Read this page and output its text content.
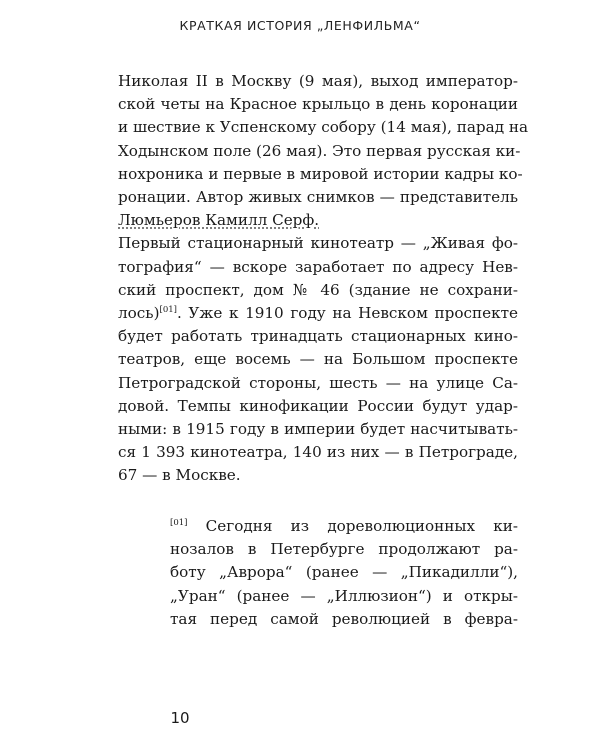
КРАТКАЯ ИСТОРИЯ „ЛЕНФИЛЬМА“
Николая II в Москву (9 мая), выход император-
ской четы на Красное крыльцо в день коронации
и шествие к Успенскому собору (14 мая), парад на
Ходынском поле (26 мая). Это первая русская ки-
нохроника и первые в мировой истории кадры ко-
ронации. Автор живых снимков — представитель
Люмьеров Камилл Серф.
Первый стационарный кинотеатр — „Живая фо-
тография“ — вскоре заработает по адресу Нев-
ский проспект, дом № 46 (здание не сохрани-
лось)[01]. Уже к 1910 году на Невском проспекте
будет работать тринадцать стационарных кино-
театров, еще восемь — на Большом проспекте
Петроградской стороны, шесть — на улице Са-
довой. Темпы кинофикации России будут удар-
ными: в 1915 году в империи будет насчитывать-
ся 1 393 кинотеатра, 140 из них — в Петрограде,
67 — в Москве.
[01] Сегодня из дореволюционных ки-
нозалов в Петербурге продолжают ра-
боту „Аврора“ (ранее — „Пикадилли“),
„Уран“ (ранее — „Иллюзион“) и откры-
тая перед самой революцией в февра-
10
